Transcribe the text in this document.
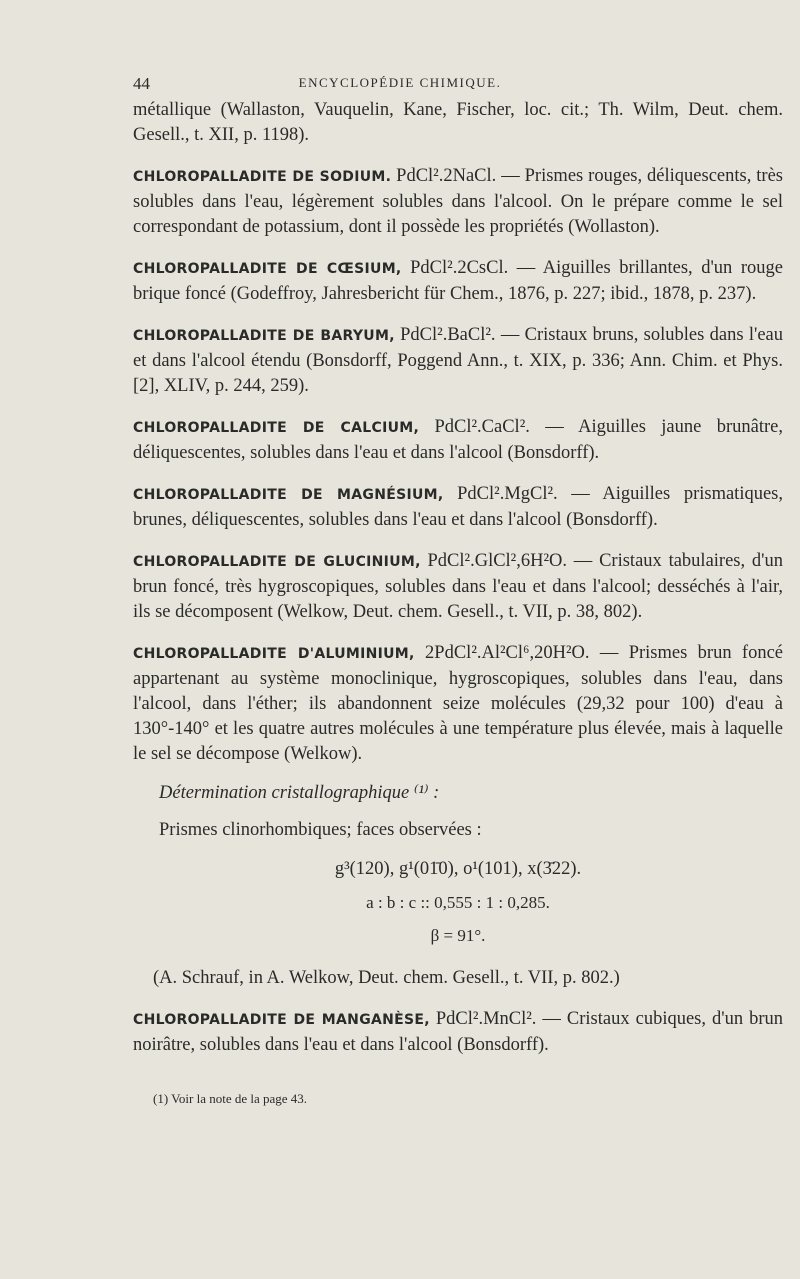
44	ENCYCLOPÉDIE CHIMIQUE.

métallique (Wallaston, Vauquelin, Kane, Fischer, loc. cit.; Th. Wilm, Deut. chem. Gesell., t. XII, p. 1198).

CHLOROPALLADITE DE SODIUM. PdCl².2NaCl. — Prismes rouges, déliquescents, très solubles dans l'eau, légèrement solubles dans l'alcool. On le prépare comme le sel correspondant de potassium, dont il possède les propriétés (Wollaston).

CHLOROPALLADITE DE CŒSIUM, PdCl².2CsCl. — Aiguilles brillantes, d'un rouge brique foncé (Godeffroy, Jahresbericht für Chem., 1876, p. 227; ibid., 1878, p. 237).

CHLOROPALLADITE DE BARYUM, PdCl².BaCl². — Cristaux bruns, solubles dans l'eau et dans l'alcool étendu (Bonsdorff, Poggend Ann., t. XIX, p. 336; Ann. Chim. et Phys. [2], XLIV, p. 244, 259).

CHLOROPALLADITE DE CALCIUM, PdCl².CaCl². — Aiguilles jaune brunâtre, déliquescentes, solubles dans l'eau et dans l'alcool (Bonsdorff).

CHLOROPALLADITE DE MAGNÉSIUM, PdCl².MgCl². — Aiguilles prismatiques, brunes, déliquescentes, solubles dans l'eau et dans l'alcool (Bonsdorff).

CHLOROPALLADITE DE GLUCINIUM, PdCl².GlCl²,6H²O. — Cristaux tabulaires, d'un brun foncé, très hygroscopiques, solubles dans l'eau et dans l'alcool; desséchés à l'air, ils se décomposent (Welkow, Deut. chem. Gesell., t. VII, p. 38, 802).

CHLOROPALLADITE D'ALUMINIUM, 2PdCl².Al²Cl⁶,20H²O. — Prismes brun foncé appartenant au système monoclinique, hygroscopiques, solubles dans l'eau, dans l'alcool, dans l'éther; ils abandonnent seize molécules (29,32 pour 100) d'eau à 130°-140° et les quatre autres molécules à une température plus élevée, mais à laquelle le sel se décompose (Welkow).

Détermination cristallographique ⁽¹⁾ :

Prismes clinorhombiques; faces observées :

g³(120), g¹(01̄0), o¹(101), x(3̄22).

a : b : c :: 0,555 : 1 : 0,285.

β = 91°.

(A. Schrauf, in A. Welkow, Deut. chem. Gesell., t. VII, p. 802.)

CHLOROPALLADITE DE MANGANÈSE, PdCl².MnCl². — Cristaux cubiques, d'un brun noirâtre, solubles dans l'eau et dans l'alcool (Bonsdorff).

(1) Voir la note de la page 43.
